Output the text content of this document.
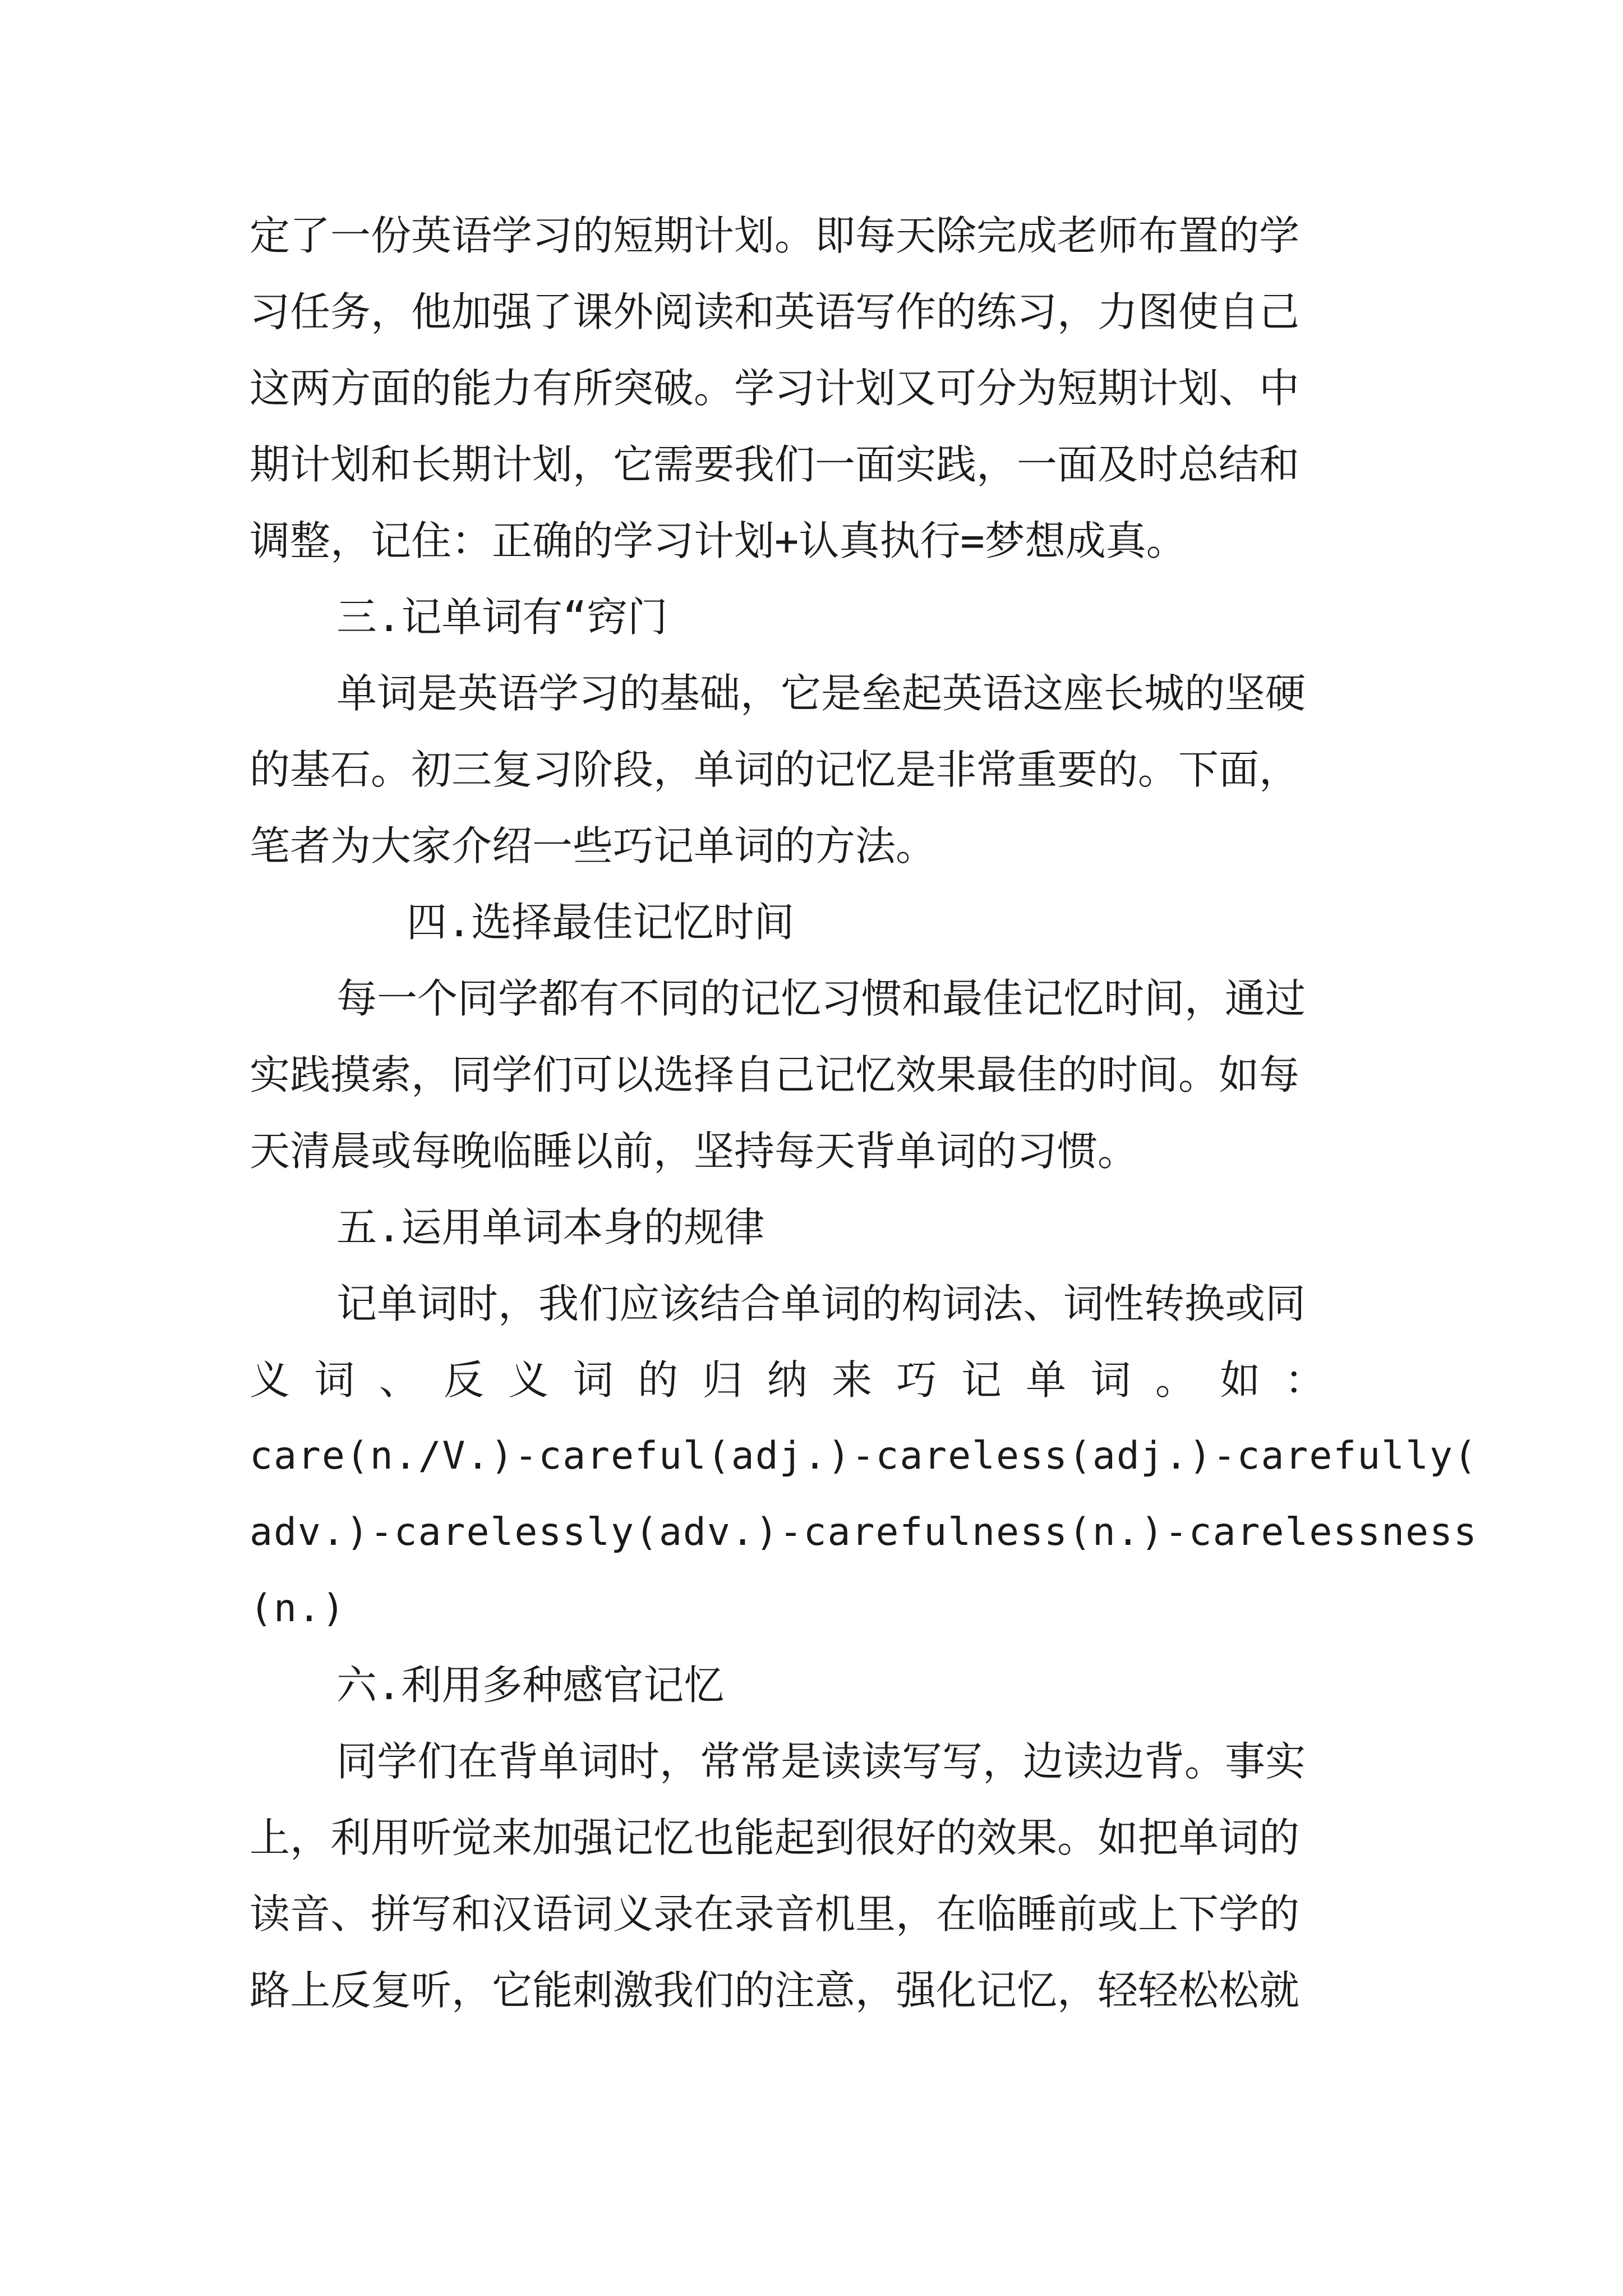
定了一份英语学习的短期计划。即每天除完成老师布置的学
习任务，他加强了课外阅读和英语写作的练习，力图使自己
这两方面的能力有所突破。学习计划又可分为短期计划、中
期计划和长期计划，它需要我们一面实践，一面及时总结和
调整，记住：正确的学习计划+认真执行=梦想成真。
三.记单词有“窍门
单词是英语学习的基础，它是垒起英语这座长城的坚硬
的基石。初三复习阶段，单词的记忆是非常重要的。下面，
笔者为大家介绍一些巧记单词的方法。
四.选择最佳记忆时间
每一个同学都有不同的记忆习惯和最佳记忆时间，通过
实践摸索，同学们可以选择自己记忆效果最佳的时间。如每
天清晨或每晚临睡以前，坚持每天背单词的习惯。
五.运用单词本身的规律
记单词时，我们应该结合单词的构词法、词性转换或同
义 词 、 反 义 词 的 归 纳 来 巧 记 单 词 。 如 ：
care(n./V.)-careful(adj.)-careless(adj.)-carefully(
adv.)-carelessly(adv.)-carefulness(n.)-carelessness
(n.)
六.利用多种感官记忆
同学们在背单词时，常常是读读写写，边读边背。事实
上，利用听觉来加强记忆也能起到很好的效果。如把单词的
读音、拼写和汉语词义录在录音机里，在临睡前或上下学的
路上反复听，它能刺激我们的注意，强化记忆，轻轻松松就
